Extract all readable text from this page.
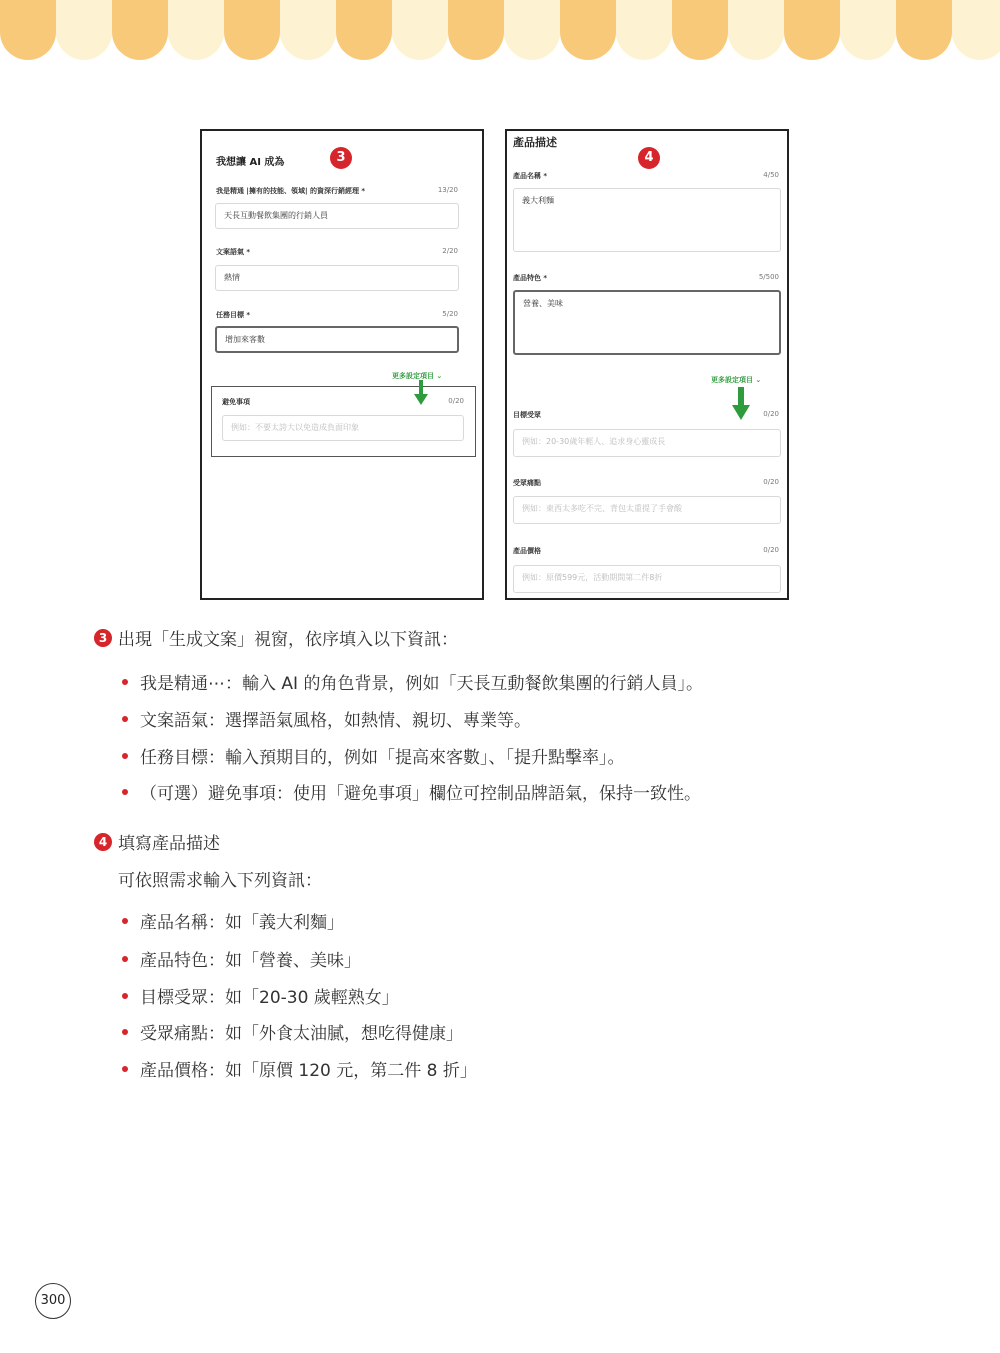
我想讓 AI 成為	3
我是精通 |擁有的技能、領域| 的資深行銷經理 *	13/20
天長互動餐飲集團的行銷人員
文案語氣 *	2/20
熱情
任務目標 *	5/20
增加來客數
更多設定項目 ⌄
避免事項	0/20
例如：不要太誇大以免造成負面印象
產品描述
4
產品名稱 *	4/50
義大利麵
產品特色 *	5/500
營養、美味
更多設定項目 ⌄
目標受眾	0/20
例如：20-30歲年輕人、追求身心靈成長
受眾痛點	0/20
例如：東西太多吃不完、背包太重提了手會酸
產品價格	0/20
例如：原價599元，活動期間第二件8折
3 出現「生成文案」視窗，依序填入以下資訊：
我是精通⋯：輸入 AI 的角色背景，例如「天長互動餐飲集團的行銷人員」。
文案語氣：選擇語氣風格，如熱情、親切、專業等。
任務目標：輸入預期目的，例如「提高來客數」、「提升點擊率」。
（可選）避免事項：使用「避免事項」欄位可控制品牌語氣，保持一致性。
4 填寫產品描述
可依照需求輸入下列資訊：
產品名稱：如「義大利麵」
產品特色：如「營養、美味」
目標受眾：如「20-30 歲輕熟女」
受眾痛點：如「外食太油膩，想吃得健康」
產品價格：如「原價 120 元，第二件 8 折」
300
